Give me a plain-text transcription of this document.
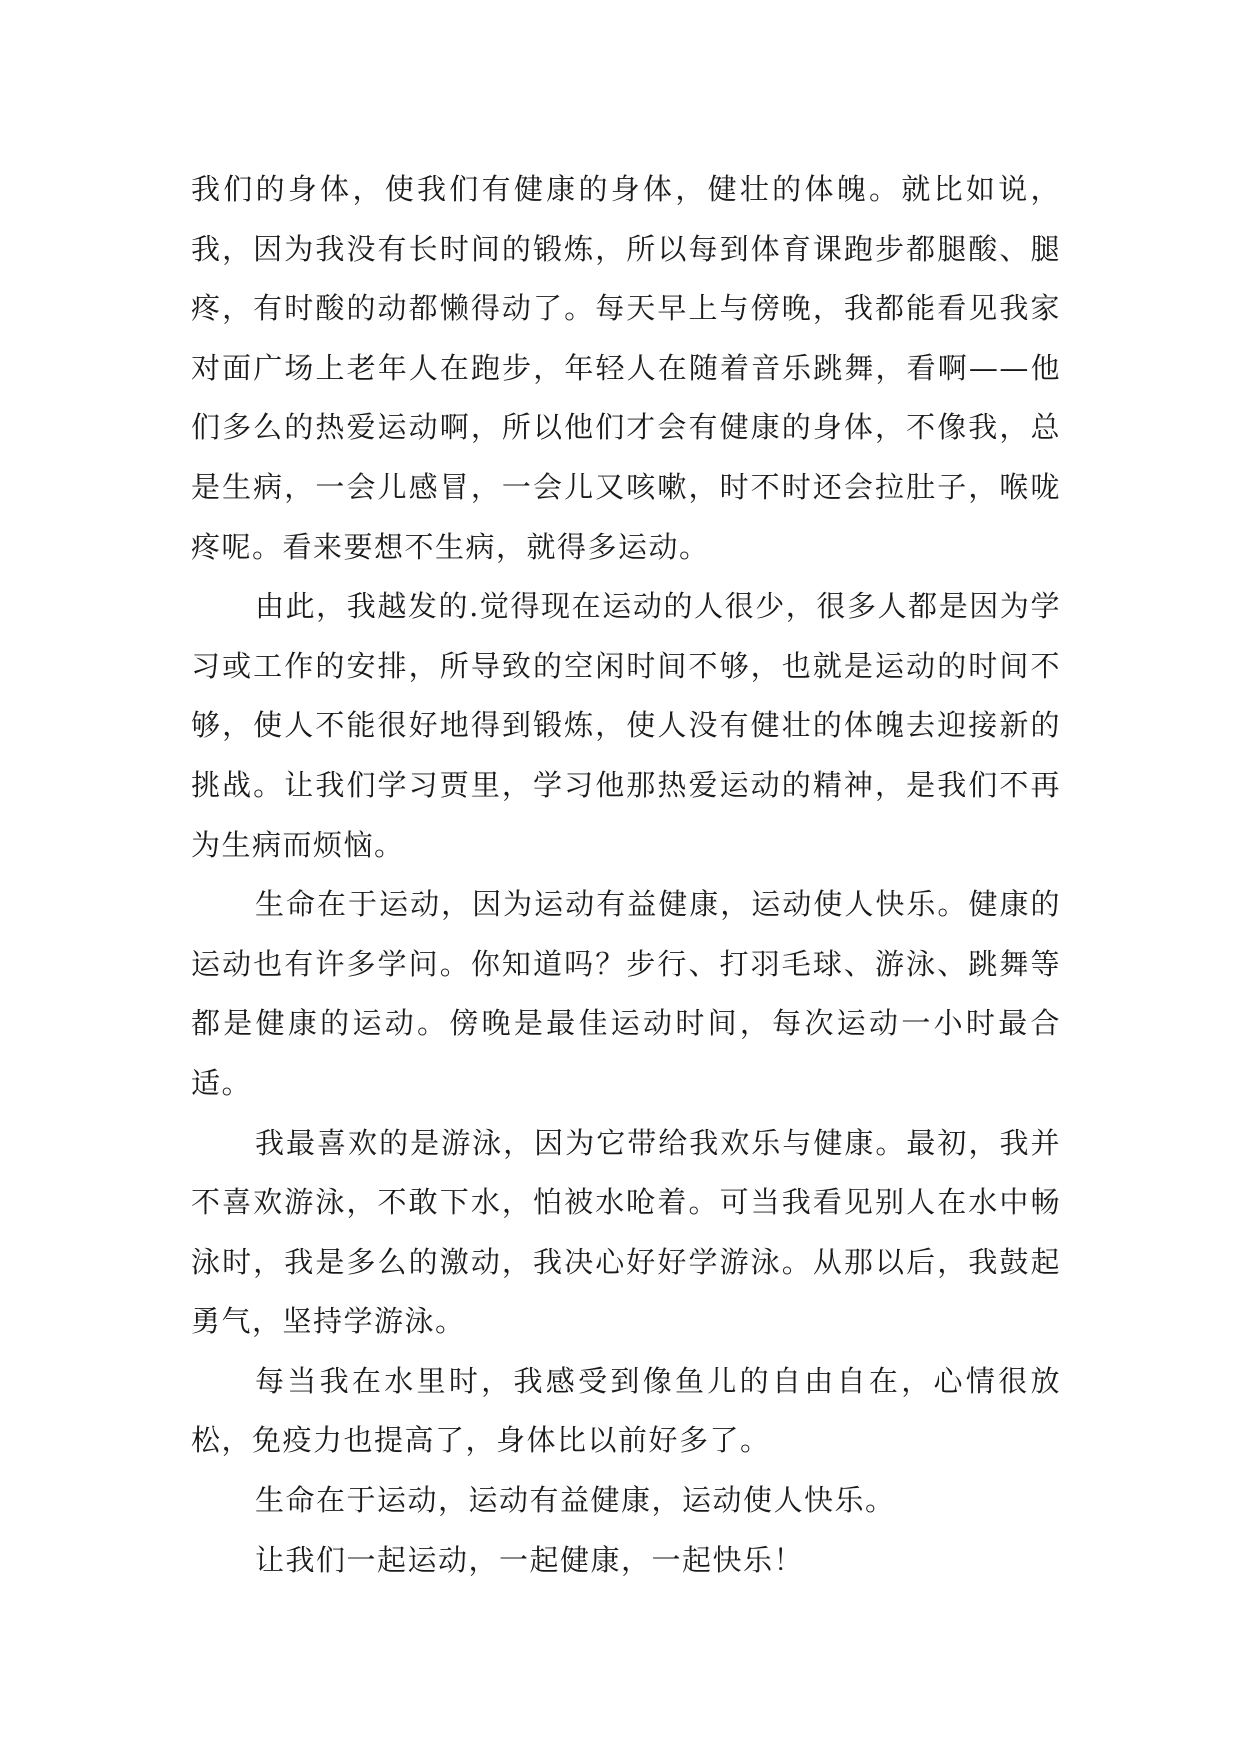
我们的身体，使我们有健康的身体，健壮的体魄。就比如说，我，因为我没有长时间的锻炼，所以每到体育课跑步都腿酸、腿疼，有时酸的动都懒得动了。每天早上与傍晚，我都能看见我家对面广场上老年人在跑步，年轻人在随着音乐跳舞，看啊——他们多么的热爱运动啊，所以他们才会有健康的身体，不像我，总是生病，一会儿感冒，一会儿又咳嗽，时不时还会拉肚子，喉咙疼呢。看来要想不生病，就得多运动。

由此，我越发的.觉得现在运动的人很少，很多人都是因为学习或工作的安排，所导致的空闲时间不够，也就是运动的时间不够，使人不能很好地得到锻炼，使人没有健壮的体魄去迎接新的挑战。让我们学习贾里，学习他那热爱运动的精神，是我们不再为生病而烦恼。

生命在于运动，因为运动有益健康，运动使人快乐。健康的运动也有许多学问。你知道吗？步行、打羽毛球、游泳、跳舞等都是健康的运动。傍晚是最佳运动时间，每次运动一小时最合适。

我最喜欢的是游泳，因为它带给我欢乐与健康。最初，我并不喜欢游泳，不敢下水，怕被水呛着。可当我看见别人在水中畅泳时，我是多么的激动，我决心好好学游泳。从那以后，我鼓起勇气，坚持学游泳。

每当我在水里时，我感受到像鱼儿的自由自在，心情很放松，免疫力也提高了，身体比以前好多了。

生命在于运动，运动有益健康，运动使人快乐。

让我们一起运动，一起健康，一起快乐！
